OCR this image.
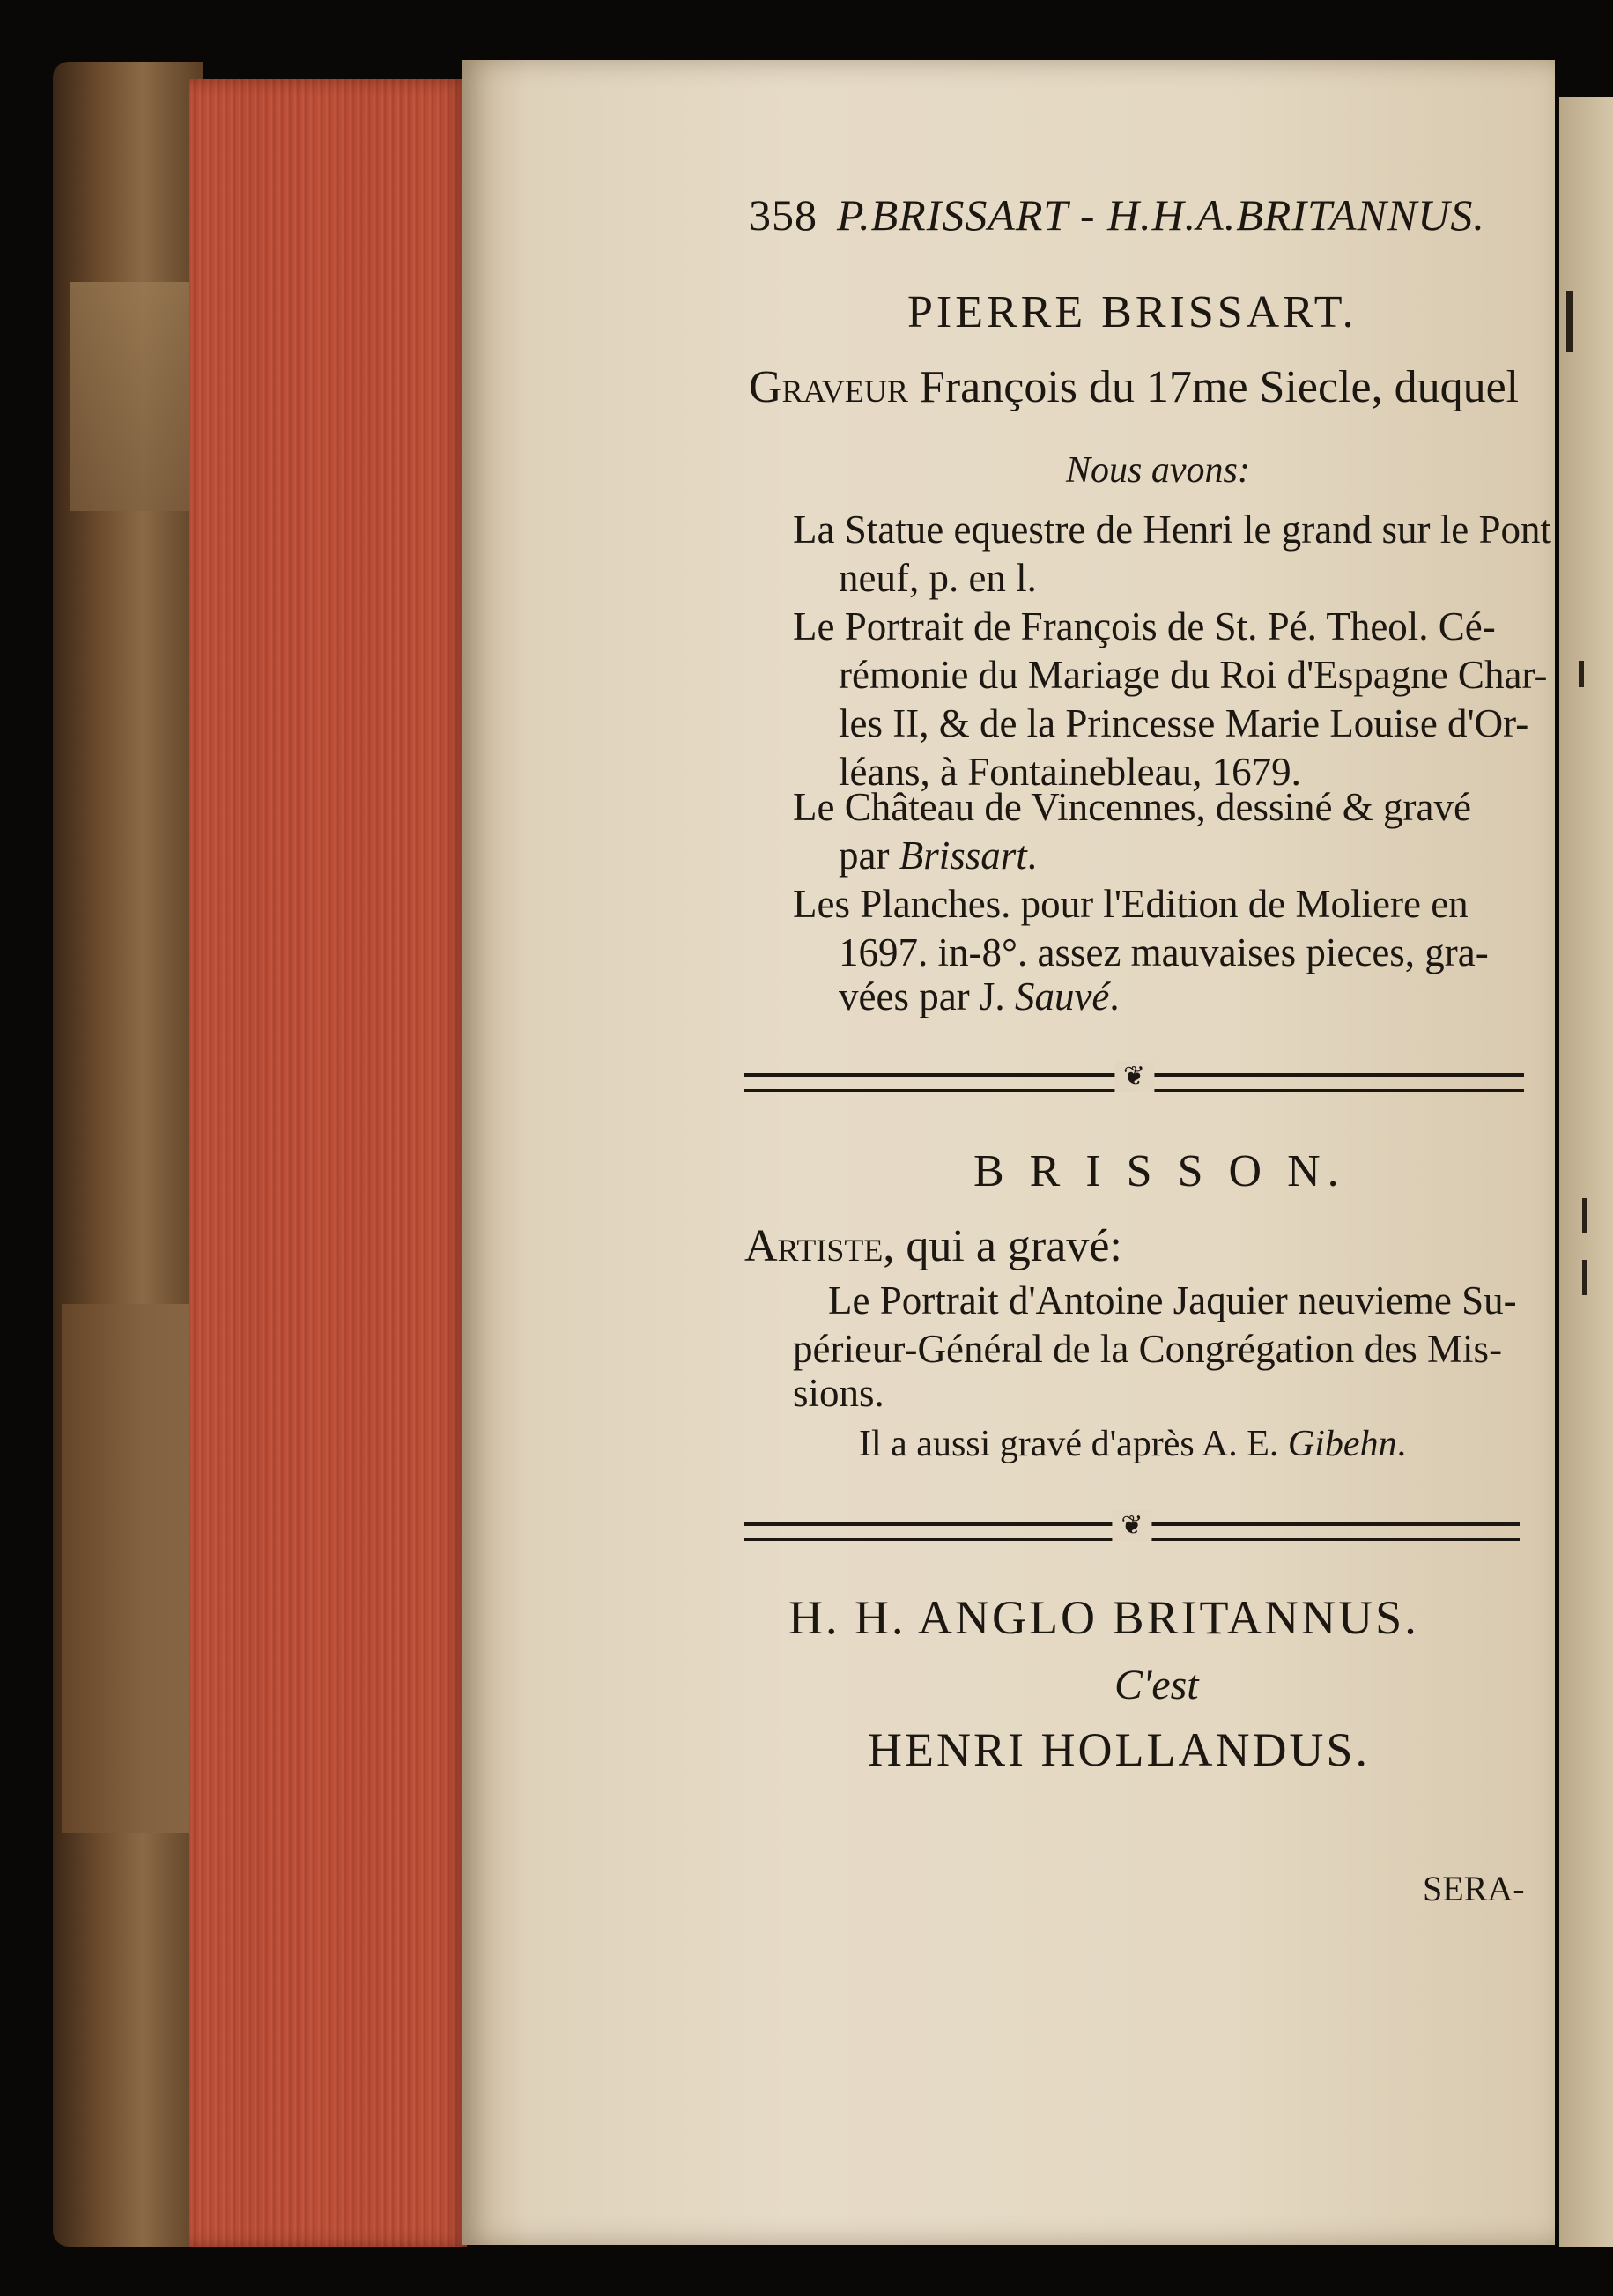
358 P.BRISSART - H.H.A.BRITANNUS.
PIERRE BRISSART.
Graveur François du 17me Siecle, duquel
Nous avons:
La Statue equestre de Henri le grand sur le Pont
neuf, p. en l.
Le Portrait de François de St. Pé. Theol. Cé-
rémonie du Mariage du Roi d'Espagne Char-
les II, & de la Princesse Marie Louise d'Or-
léans, à Fontainebleau, 1679.
Le Château de Vincennes, dessiné & gravé
par Brissart.
Les Planches. pour l'Edition de Moliere en
1697. in-8°. assez mauvaises pieces, gra-
vées par J. Sauvé.
❦
B R I S S O N.
Artiste, qui a gravé:
Le Portrait d'Antoine Jaquier neuvieme Su-
périeur-Général de la Congrégation des Mis-
sions.
Il a aussi gravé d'après A. E. Gibehn.
❦
H. H. ANGLO BRITANNUS.
C'est
HENRI HOLLANDUS.
SERA-
